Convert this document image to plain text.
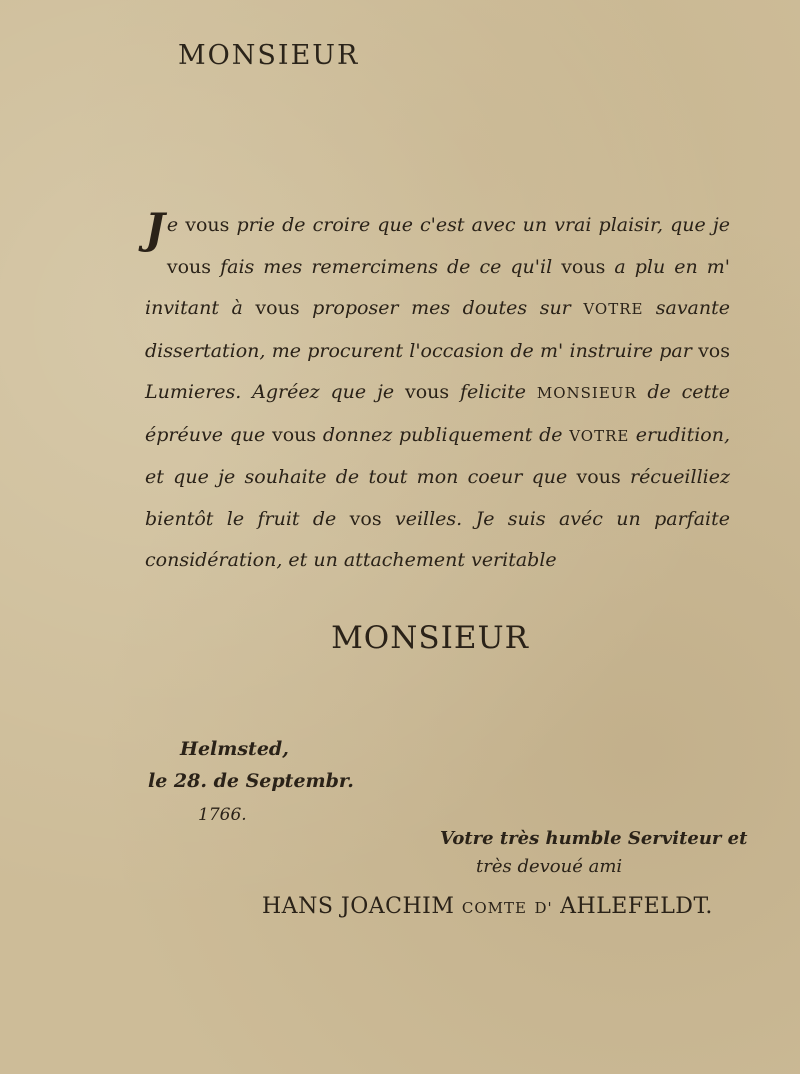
MONSIEUR
J e vous prie de croire que c'est avec un vrai plaisir, que je vous fais mes remercimens de ce qu'il vous a plu en m' invitant à vous proposer mes doutes sur VOTRE savante dissertation, me procurent l'occasion de m' instruire par vos Lumieres. Agréez que je vous felicite MONSIEUR de cette épréuve que vous donnez publiquement de VOTRE erudition, et que je souhaite de tout mon coeur que vous récueilliez bientôt le fruit de vos veilles. Je suis avéc un parfaite considération, et un attachement veritable
MONSIEUR
Helmsted,
le 28. de Septembr.
1766.
Votre très humble Serviteur et
très devoué ami
HANS JOACHIM COMTE D' AHLEFELDT.
